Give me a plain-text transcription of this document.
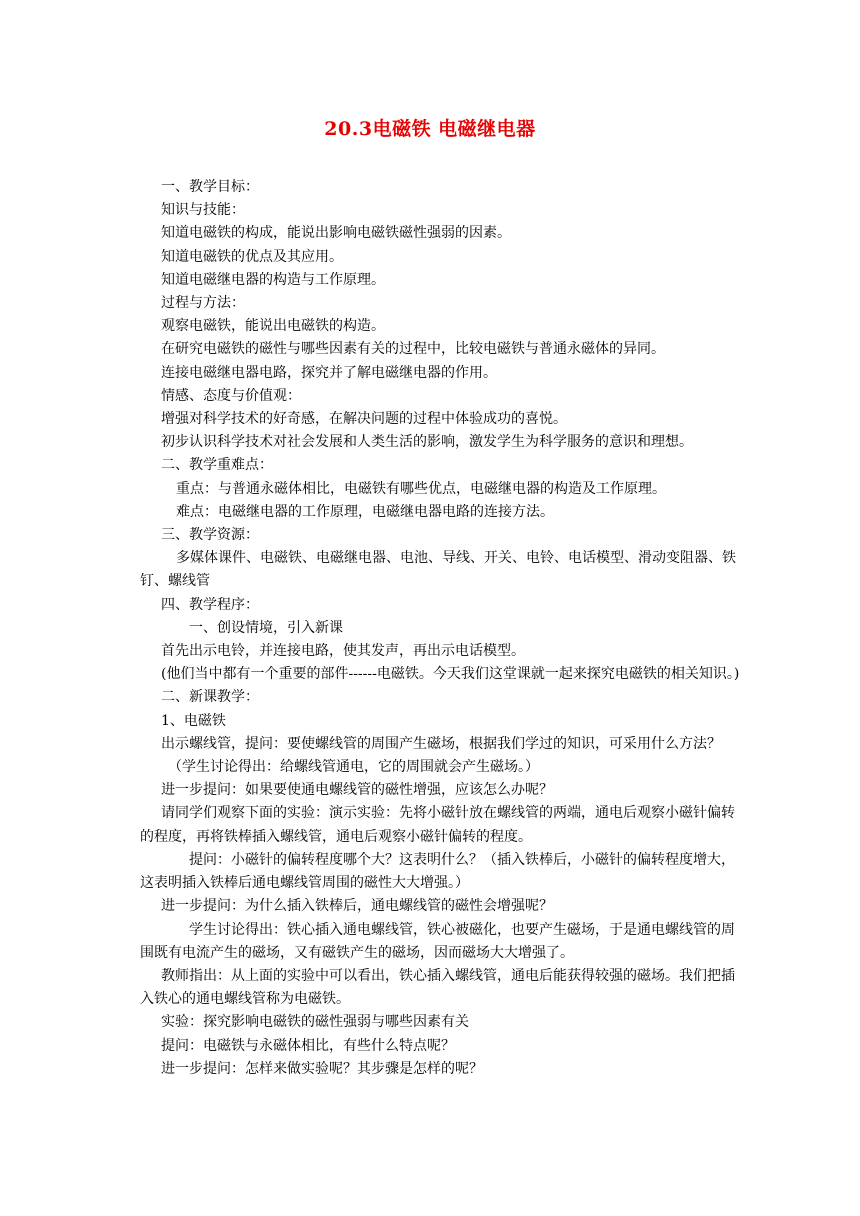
20.3电磁铁 电磁继电器
一、教学目标：
知识与技能：
知道电磁铁的构成，能说出影响电磁铁磁性强弱的因素。
知道电磁铁的优点及其应用。
知道电磁继电器的构造与工作原理。
过程与方法：
观察电磁铁，能说出电磁铁的构造。
在研究电磁铁的磁性与哪些因素有关的过程中，比较电磁铁与普通永磁体的异同。
连接电磁继电器电路，探究并了解电磁继电器的作用。
情感、态度与价值观：
增强对科学技术的好奇感，在解决问题的过程中体验成功的喜悦。
初步认识科学技术对社会发展和人类生活的影响，激发学生为科学服务的意识和理想。
二、教学重难点：
重点：与普通永磁体相比，电磁铁有哪些优点，电磁继电器的构造及工作原理。
难点：电磁继电器的工作原理，电磁继电器电路的连接方法。
三、教学资源：
多媒体课件、电磁铁、电磁继电器、电池、导线、开关、电铃、电话模型、滑动变阻器、铁钉、螺线管
四、教学程序：
一、创设情境，引入新课
首先出示电铃，并连接电路，使其发声，再出示电话模型。
(他们当中都有一个重要的部件------电磁铁。今天我们这堂课就一起来探究电磁铁的相关知识。)
二、新课教学：
1、电磁铁
出示螺线管，提问：要使螺线管的周围产生磁场，根据我们学过的知识，可采用什么方法？
（学生讨论得出：给螺线管通电，它的周围就会产生磁场。）
进一步提问：如果要使通电螺线管的磁性增强，应该怎么办呢？
请同学们观察下面的实验：演示实验：先将小磁针放在螺线管的两端，通电后观察小磁针偏转的程度，再将铁棒插入螺线管，通电后观察小磁针偏转的程度。
提问：小磁针的偏转程度哪个大？这表明什么？（插入铁棒后，小磁针的偏转程度增大，这表明插入铁棒后通电螺线管周围的磁性大大增强。）
进一步提问：为什么插入铁棒后，通电螺线管的磁性会增强呢？
学生讨论得出：铁心插入通电螺线管，铁心被磁化，也要产生磁场，于是通电螺线管的周围既有电流产生的磁场，又有磁铁产生的磁场，因而磁场大大增强了。
教师指出：从上面的实验中可以看出，铁心插入螺线管，通电后能获得较强的磁场。我们把插入铁心的通电螺线管称为电磁铁。
实验：探究影响电磁铁的磁性强弱与哪些因素有关
提问：电磁铁与永磁体相比，有些什么特点呢？
进一步提问：怎样来做实验呢？其步骤是怎样的呢？
